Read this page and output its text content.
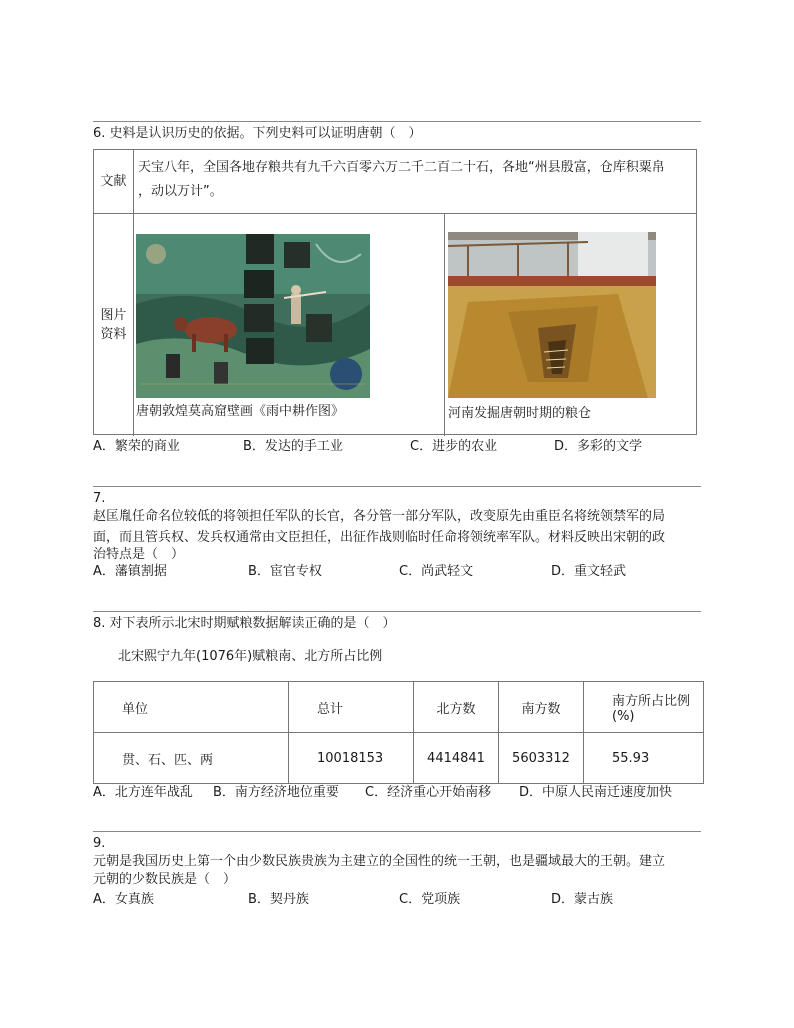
6. 史料是认识历史的依据。下列史料可以证明唐朝（　）
文献
天宝八年，全国各地存粮共有九千六百零六万二千二百二十石，各地“州县殷富，仓库积粟帛
，动以万计”。
图片
资料
唐朝敦煌莫高窟壁画《雨中耕作图》	河南发掘唐朝时期的粮仓
A．繁荣的商业	B．发达的手工业	C．进步的农业	D．多彩的文学
7.
赵匡胤任命名位较低的将领担任军队的长官，各分管一部分军队，改变原先由重臣名将统领禁军的局
面，而且管兵权、发兵权通常由文臣担任，出征作战则临时任命将领统率军队。材料反映出宋朝的政
治特点是（　）
A．藩镇割据	B．宦官专权	C．尚武轻文	D．重文轻武
8. 对下表所示北宋时期赋粮数据解读正确的是（　）
北宋熙宁九年(1076年)赋粮南、北方所占比例
单位	总计	北方数	南方数	南方所占比例(%)
贯、石、匹、两	10018153	4414841	5603312	55.93
A．北方连年战乱 B．南方经济地位重要 C．经济重心开始南移 D．中原人民南迁速度加快
9.
元朝是我国历史上第一个由少数民族贵族为主建立的全国性的统一王朝，也是疆域最大的王朝。建立
元朝的少数民族是（　）
A．女真族	B．契丹族	C．党项族	D．蒙古族
